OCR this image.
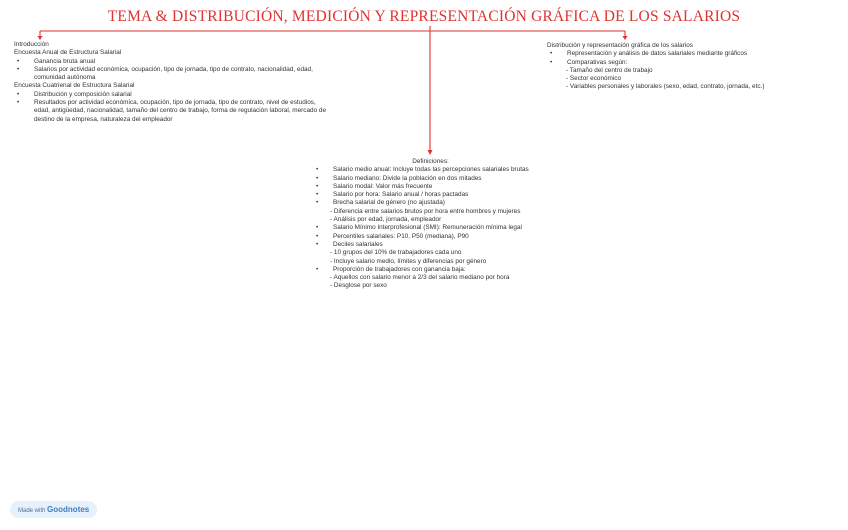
TEMA & DISTRIBUCIÓN, MEDICIÓN Y REPRESENTACIÓN GRÁFICA DE LOS SALARIOS
Introducción
Encuesta Anual de Estructura Salarial
• Ganancia bruta anual
• Salarios por actividad económica, ocupación, tipo de jornada, tipo de contrato, nacionalidad, edad,
comunidad autónoma
Encuesta Cuatrienal de Estructura Salarial
• Distribución y composición salarial
• Resultados por actividad económica, ocupación, tipo de jornada, tipo de contrato, nivel de estudios,
edad, antigüedad, nacionalidad, tamaño del centro de trabajo, forma de regulación laboral, mercado de
destino de la empresa, naturaleza del empleador
Distribución y representación gráfica de los salarios
• Representación y análisis de datos salariales mediante gráficos
• Comparativas según:
- Tamaño del centro de trabajo
- Sector económico
- Variables personales y laborales (sexo, edad, contrato, jornada, etc.)
Definiciones:
• Salario medio anual: Incluye todas las percepciones salariales brutas
• Salario mediano: Divide la población en dos mitades
• Salario modal: Valor más frecuente
• Salario por hora: Salario anual / horas pactadas
• Brecha salarial de género (no ajustada)
- Diferencia entre salarios brutos por hora entre hombres y mujeres
- Análisis por edad, jornada, empleador
• Salario Mínimo Interprofesional (SMI): Remuneración mínima legal
• Percentiles salariales: P10, P50 (mediana), P90
• Deciles salariales
- 10 grupos del 10% de trabajadores cada uno
- Incluye salario medio, límites y diferencias por género
• Proporción de trabajadores con ganancia baja:
- Aquellos con salario menor a 2/3 del salario mediano por hora
- Desglose por sexo
Made with Goodnotes
